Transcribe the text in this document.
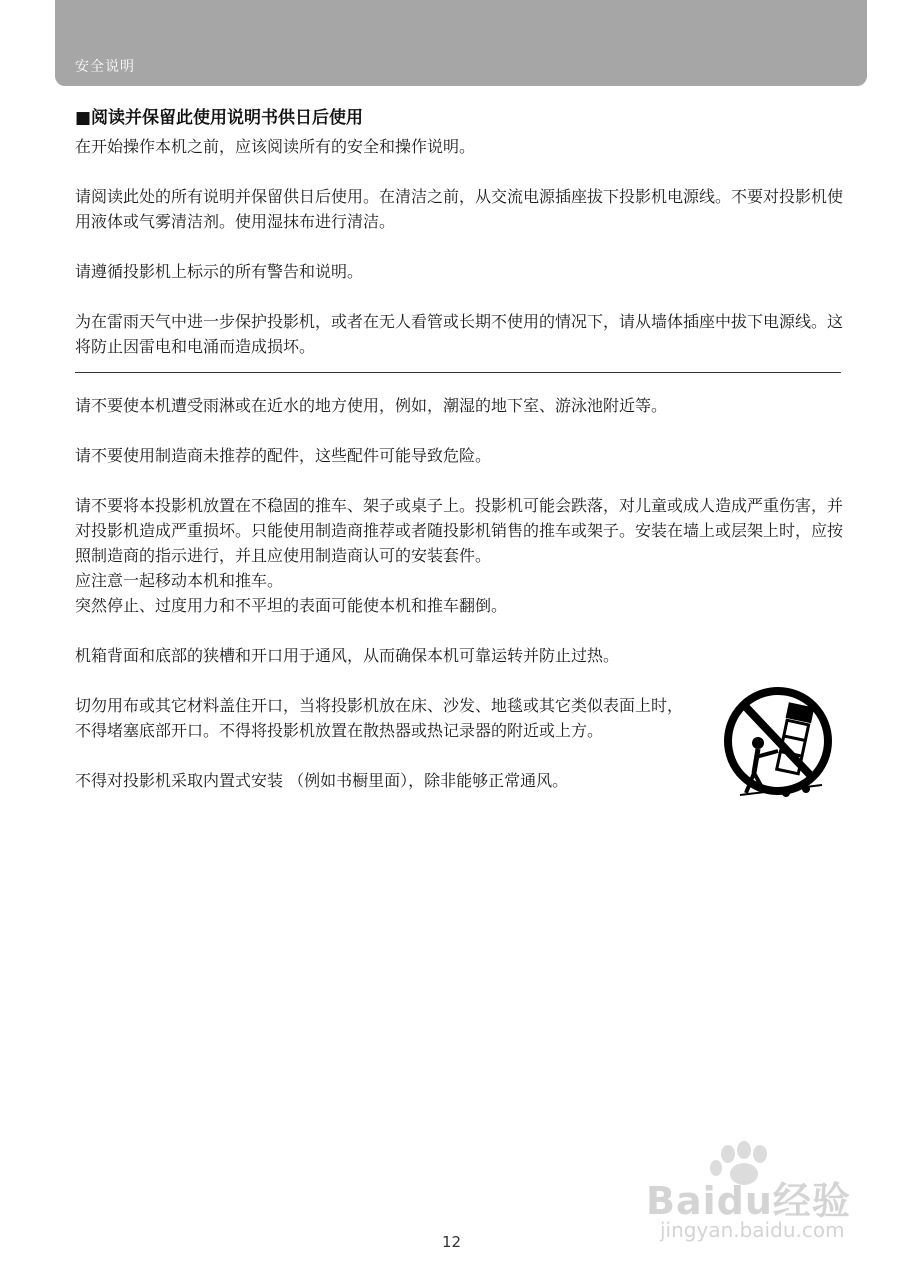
安全说明
■阅读并保留此使用说明书供日后使用

在开始操作本机之前，应该阅读所有的安全和操作说明。

请阅读此处的所有说明并保留供日后使用。在清洁之前，从交流电源插座拔下投影机电源线。不要对投影机使用液体或气雾清洁剂。使用湿抹布进行清洁。

请遵循投影机上标示的所有警告和说明。

为在雷雨天气中进一步保护投影机，或者在无人看管或长期不使用的情况下，请从墙体插座中拔下电源线。这将防止因雷电和电涌而造成损坏。

请不要使本机遭受雨淋或在近水的地方使用，例如，潮湿的地下室、游泳池附近等。

请不要使用制造商未推荐的配件，这些配件可能导致危险。

请不要将本投影机放置在不稳固的推车、架子或桌子上。投影机可能会跌落，对儿童或成人造成严重伤害，并对投影机造成严重损坏。只能使用制造商推荐或者随投影机销售的推车或架子。安装在墙上或层架上时，应按照制造商的指示进行，并且应使用制造商认可的安装套件。

应注意一起移动本机和推车。

突然停止、过度用力和不平坦的表面可能使本机和推车翻倒。

机箱背面和底部的狭槽和开口用于通风，从而确保本机可靠运转并防止过热。

切勿用布或其它材料盖住开口，当将投影机放在床、沙发、地毯或其它类似表面上时，不得堵塞底部开口。不得将投影机放置在散热器或热记录器的附近或上方。

不得对投影机采取内置式安装 （例如书橱里面），除非能够正常通风。

12
Baidu经验
jingyan.baidu.com
